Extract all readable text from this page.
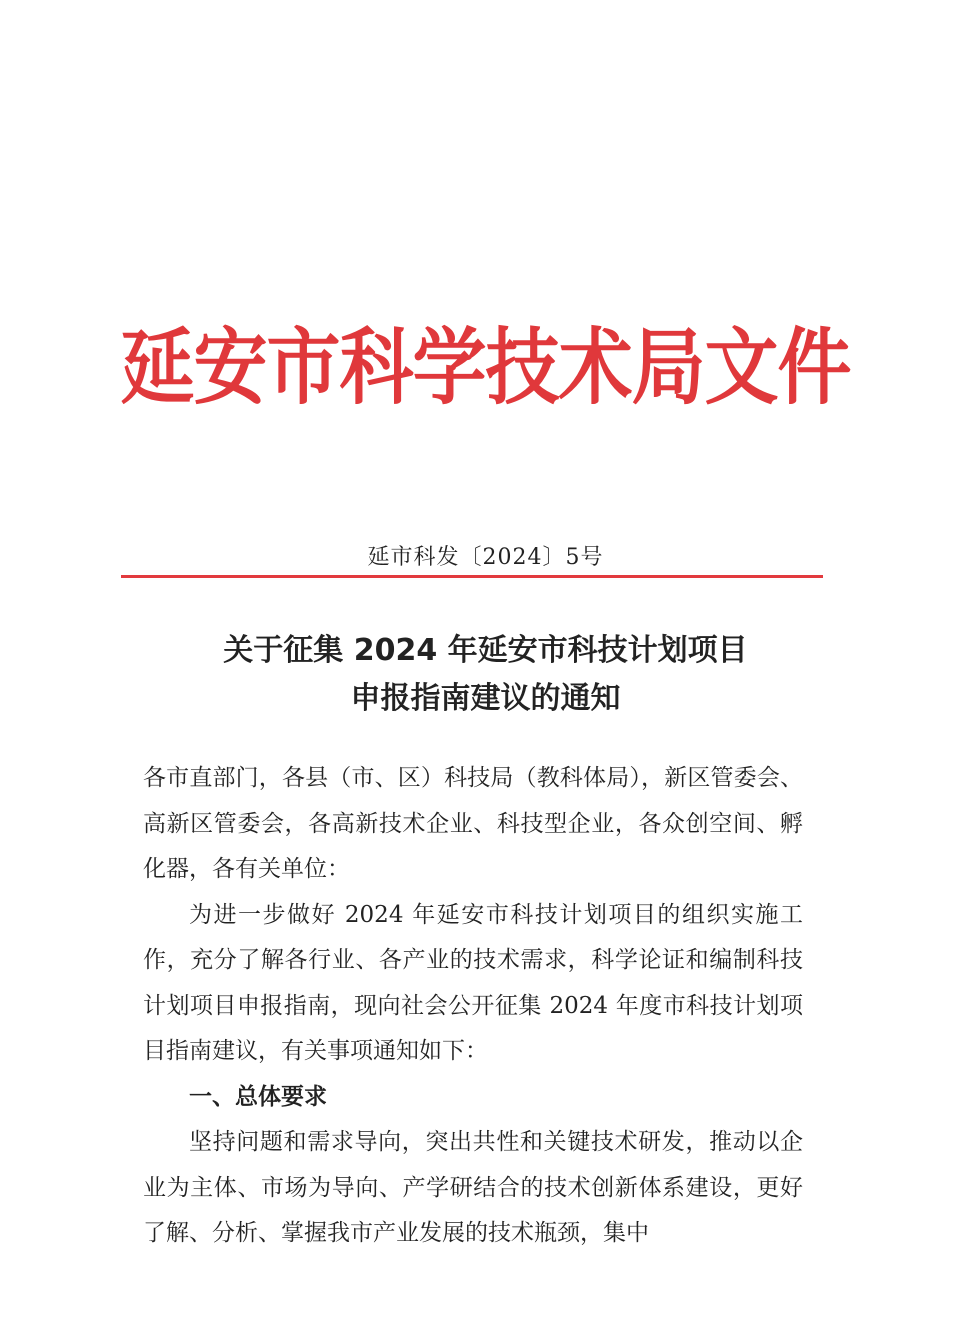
延安市科学技术局文件
延市科发〔2024〕5号
关于征集 2024 年延安市科技计划项目
申报指南建议的通知

各市直部门，各县（市、区）科技局（教科体局），新区管委会、高新区管委会，各高新技术企业、科技型企业，各众创空间、孵化器，各有关单位：

为进一步做好 2024 年延安市科技计划项目的组织实施工作，充分了解各行业、各产业的技术需求，科学论证和编制科技计划项目申报指南，现向社会公开征集 2024 年度市科技计划项目指南建议，有关事项通知如下：

一、总体要求

坚持问题和需求导向，突出共性和关键技术研发，推动以企业为主体、市场为导向、产学研结合的技术创新体系建设，更好了解、分析、掌握我市产业发展的技术瓶颈，集中
